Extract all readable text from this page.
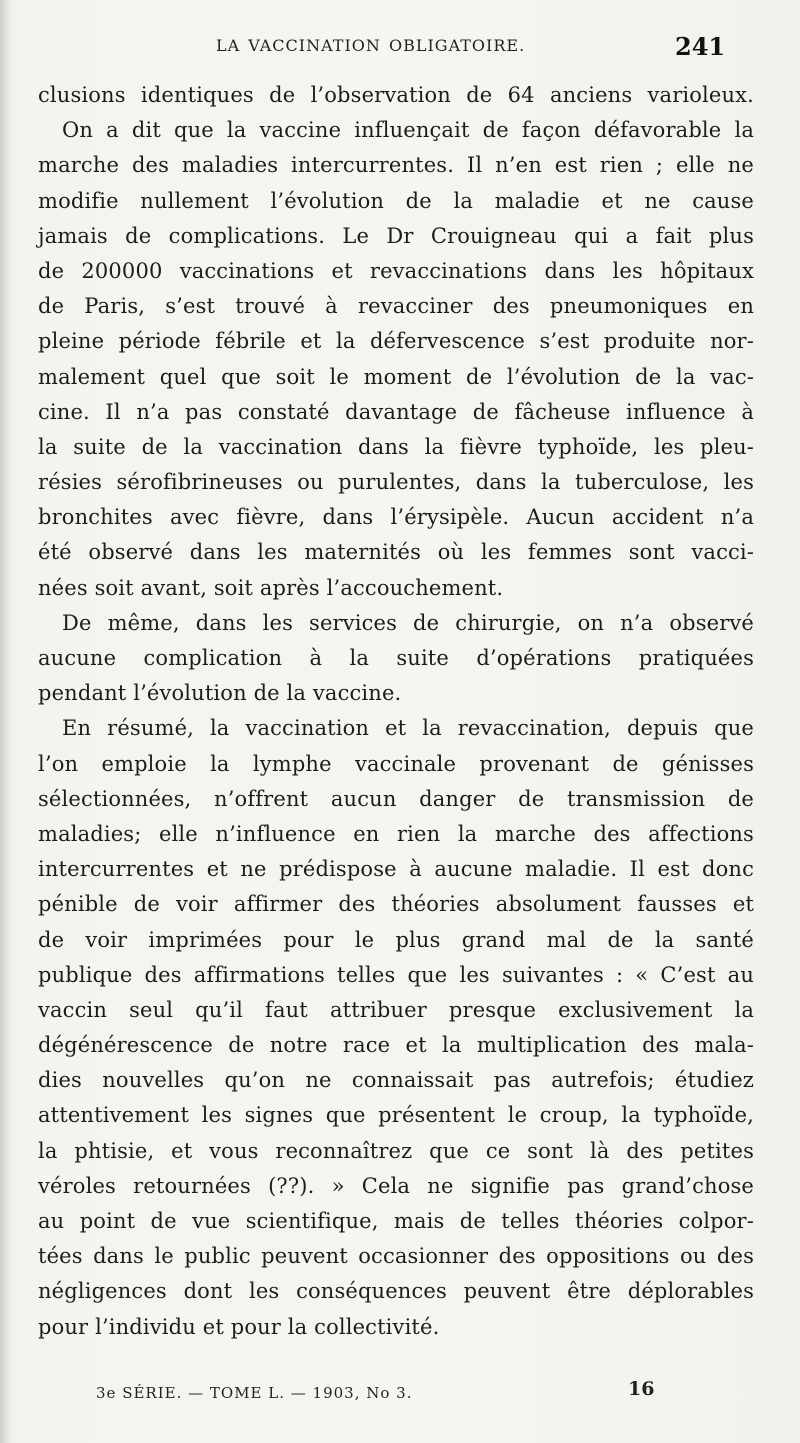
LA VACCINATION OBLIGATOIRE.	241
clusions identiques de l’observation de 64 anciens varioleux.
On a dit que la vaccine influençait de façon défavorable la
marche des maladies intercurrentes. Il n’en est rien ; elle ne
modifie nullement l’évolution de la maladie et ne cause
jamais de complications. Le Dr Crouigneau qui a fait plus
de 200000 vaccinations et revaccinations dans les hôpitaux
de Paris, s’est trouvé à revacciner des pneumoniques en
pleine période fébrile et la défervescence s’est produite nor-
malement quel que soit le moment de l’évolution de la vac-
cine. Il n’a pas constaté davantage de fâcheuse influence à
la suite de la vaccination dans la fièvre typhoïde, les pleu-
résies sérofibrineuses ou purulentes, dans la tuberculose, les
bronchites avec fièvre, dans l’érysipèle. Aucun accident n’a
été observé dans les maternités où les femmes sont vacci-
nées soit avant, soit après l’accouchement.
De même, dans les services de chirurgie, on n’a observé
aucune complication à la suite d’opérations pratiquées
pendant l’évolution de la vaccine.
En résumé, la vaccination et la revaccination, depuis que
l’on emploie la lymphe vaccinale provenant de génisses
sélectionnées, n’offrent aucun danger de transmission de
maladies; elle n’influence en rien la marche des affections
intercurrentes et ne prédispose à aucune maladie. Il est donc
pénible de voir affirmer des théories absolument fausses et
de voir imprimées pour le plus grand mal de la santé
publique des affirmations telles que les suivantes : « C’est au
vaccin seul qu’il faut attribuer presque exclusivement la
dégénérescence de notre race et la multiplication des mala-
dies nouvelles qu’on ne connaissait pas autrefois; étudiez
attentivement les signes que présentent le croup, la typhoïde,
la phtisie, et vous reconnaîtrez que ce sont là des petites
véroles retournées (??). » Cela ne signifie pas grand’chose
au point de vue scientifique, mais de telles théories colpor-
tées dans le public peuvent occasionner des oppositions ou des
négligences dont les conséquences peuvent être déplorables
pour l’individu et pour la collectivité.
3e SÉRIE. — TOME L. — 1903, No 3.	16
